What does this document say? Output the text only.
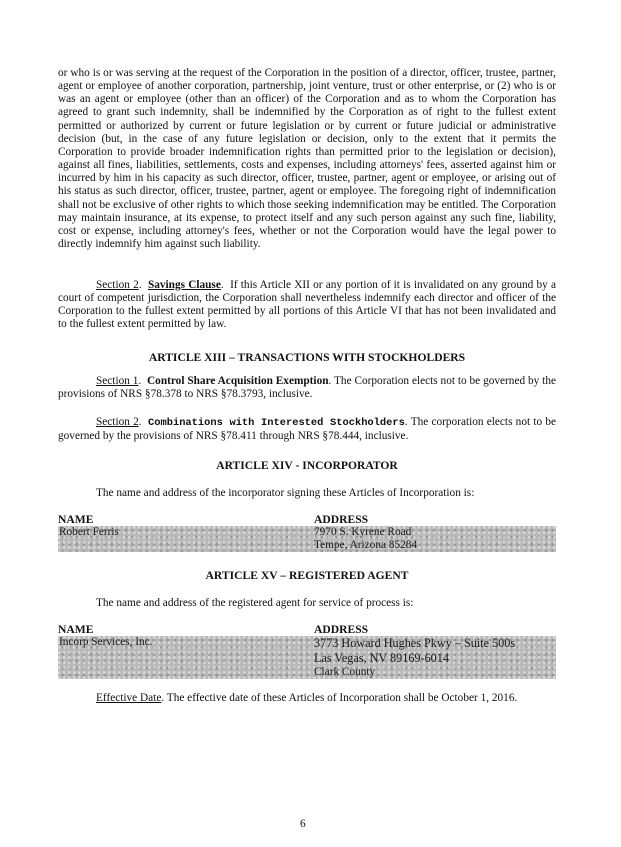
or who is or was serving at the request of the Corporation in the position of a director, officer, trustee, partner, agent or employee of another corporation, partnership, joint venture, trust or other enterprise, or (2) who is or was an agent or employee (other than an officer) of the Corporation and as to whom the Corporation has agreed to grant such indemnity, shall be indemnified by the Corporation as of right to the fullest extent permitted or authorized by current or future legislation or by current or future judicial or administrative decision (but, in the case of any future legislation or decision, only to the extent that it permits the Corporation to provide broader indemnification rights than permitted prior to the legislation or decision), against all fines, liabilities, settlements, costs and expenses, including attorneys' fees, asserted against him or incurred by him in his capacity as such director, officer, trustee, partner, agent or employee, or arising out of his status as such director, officer, trustee, partner, agent or employee. The foregoing right of indemnification shall not be exclusive of other rights to which those seeking indemnification may be entitled. The Corporation may maintain insurance, at its expense, to protect itself and any such person against any such fine, liability, cost or expense, including attorney's fees, whether or not the Corporation would have the legal power to directly indemnify him against such liability.

Section 2.  Savings Clause.  If this Article XII or any portion of it is invalidated on any ground by a court of competent jurisdiction, the Corporation shall nevertheless indemnify each director and officer of the Corporation to the fullest extent permitted by all portions of this Article VI that has not been invalidated and to the fullest extent permitted by law.

ARTICLE XIII – TRANSACTIONS WITH STOCKHOLDERS

Section 1.  Control Share Acquisition Exemption. The Corporation elects not to be governed by the provisions of NRS §78.378 to NRS §78.3793, inclusive.

Section 2.  Combinations with Interested Stockholders. The corporation elects not to be governed by the provisions of NRS §78.411 through NRS §78.444, inclusive.

ARTICLE XIV - INCORPORATOR

The name and address of the incorporator signing these Articles of Incorporation is:

NAME	ADDRESS

Robert Ferris	7970 S. Kyrene Road

Tempe, Arizona 85284

ARTICLE XV – REGISTERED AGENT

The name and address of the registered agent for service of process is:

NAME	ADDRESS

Incorp Services, Inc.	3773 Howard Hughes Pkwy – Suite 500s

Las Vegas, NV 89169-6014

Clark County

Effective Date. The effective date of these Articles of Incorporation shall be October 1, 2016.

6
